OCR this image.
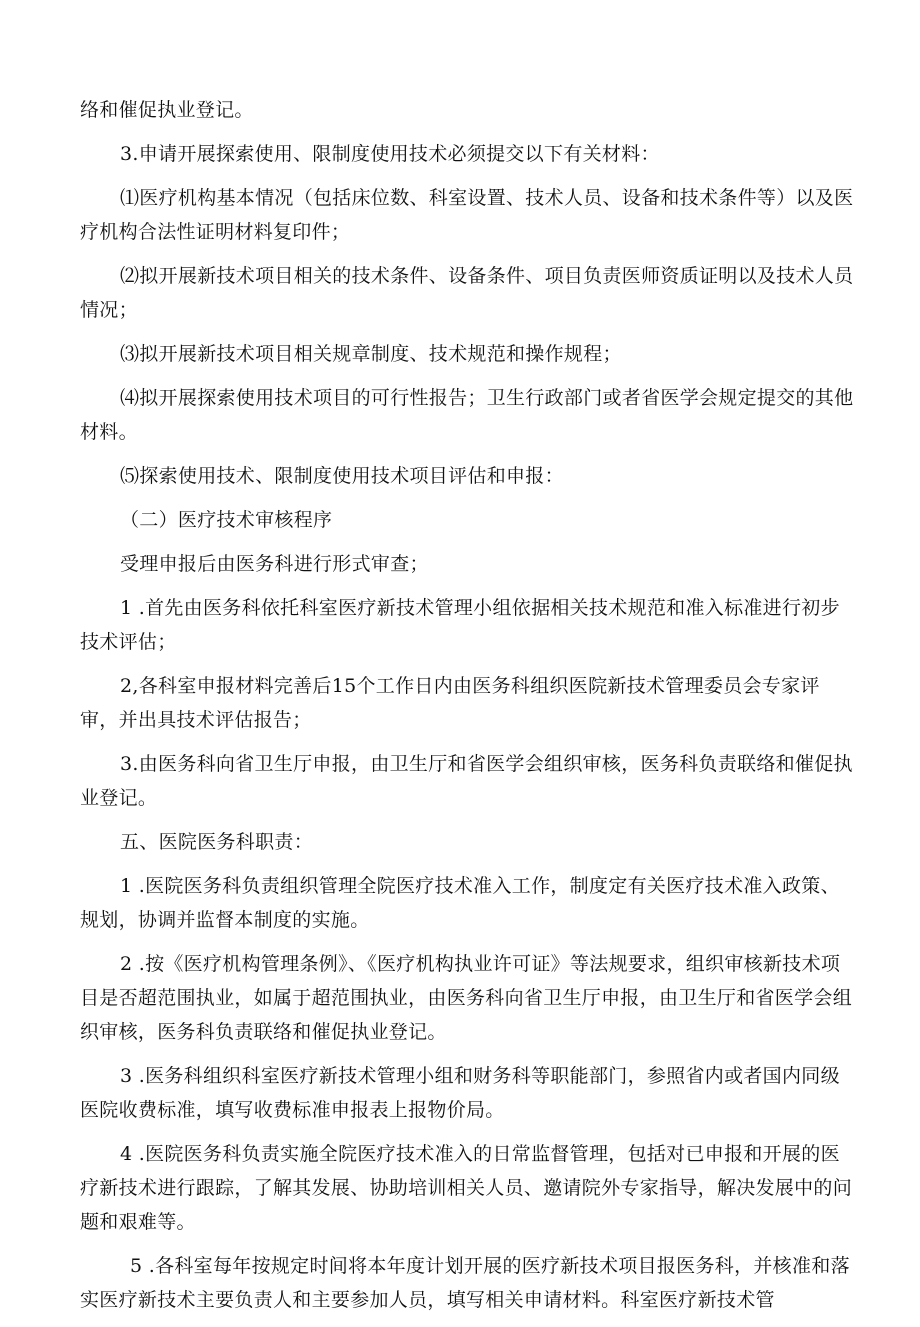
络和催促执业登记。

3.申请开展探索使用、限制度使用技术必须提交以下有关材料：

⑴医疗机构基本情况（包括床位数、科室设置、技术人员、设备和技术条件等）以及医疗机构合法性证明材料复印件；

⑵拟开展新技术项目相关的技术条件、设备条件、项目负责医师资质证明以及技术人员情况；

⑶拟开展新技术项目相关规章制度、技术规范和操作规程；

⑷拟开展探索使用技术项目的可行性报告；卫生行政部门或者省医学会规定提交的其他材料。

⑸探索使用技术、限制度使用技术项目评估和申报：

（二）医疗技术审核程序

受理申报后由医务科进行形式审查；

1 .首先由医务科依托科室医疗新技术管理小组依据相关技术规范和准入标准进行初步技术评估；

2,各科室申报材料完善后15个工作日内由医务科组织医院新技术管理委员会专家评审，并出具技术评估报告；

3.由医务科向省卫生厅申报，由卫生厅和省医学会组织审核，医务科负责联络和催促执业登记。

五、医院医务科职责：

1 .医院医务科负责组织管理全院医疗技术准入工作，制度定有关医疗技术准入政策、规划，协调并监督本制度的实施。

2 .按《医疗机构管理条例》、《医疗机构执业许可证》等法规要求，组织审核新技术项目是否超范围执业，如属于超范围执业，由医务科向省卫生厅申报，由卫生厅和省医学会组织审核，医务科负责联络和催促执业登记。

3 .医务科组织科室医疗新技术管理小组和财务科等职能部门，参照省内或者国内同级医院收费标准，填写收费标准申报表上报物价局。

4 .医院医务科负责实施全院医疗技术准入的日常监督管理，包括对已申报和开展的医疗新技术进行跟踪，了解其发展、协助培训相关人员、邀请院外专家指导，解决发展中的问题和艰难等。

5 .各科室每年按规定时间将本年度计划开展的医疗新技术项目报医务科，并核准和落实医疗新技术主要负责人和主要参加人员，填写相关申请材料。科室医疗新技术管
